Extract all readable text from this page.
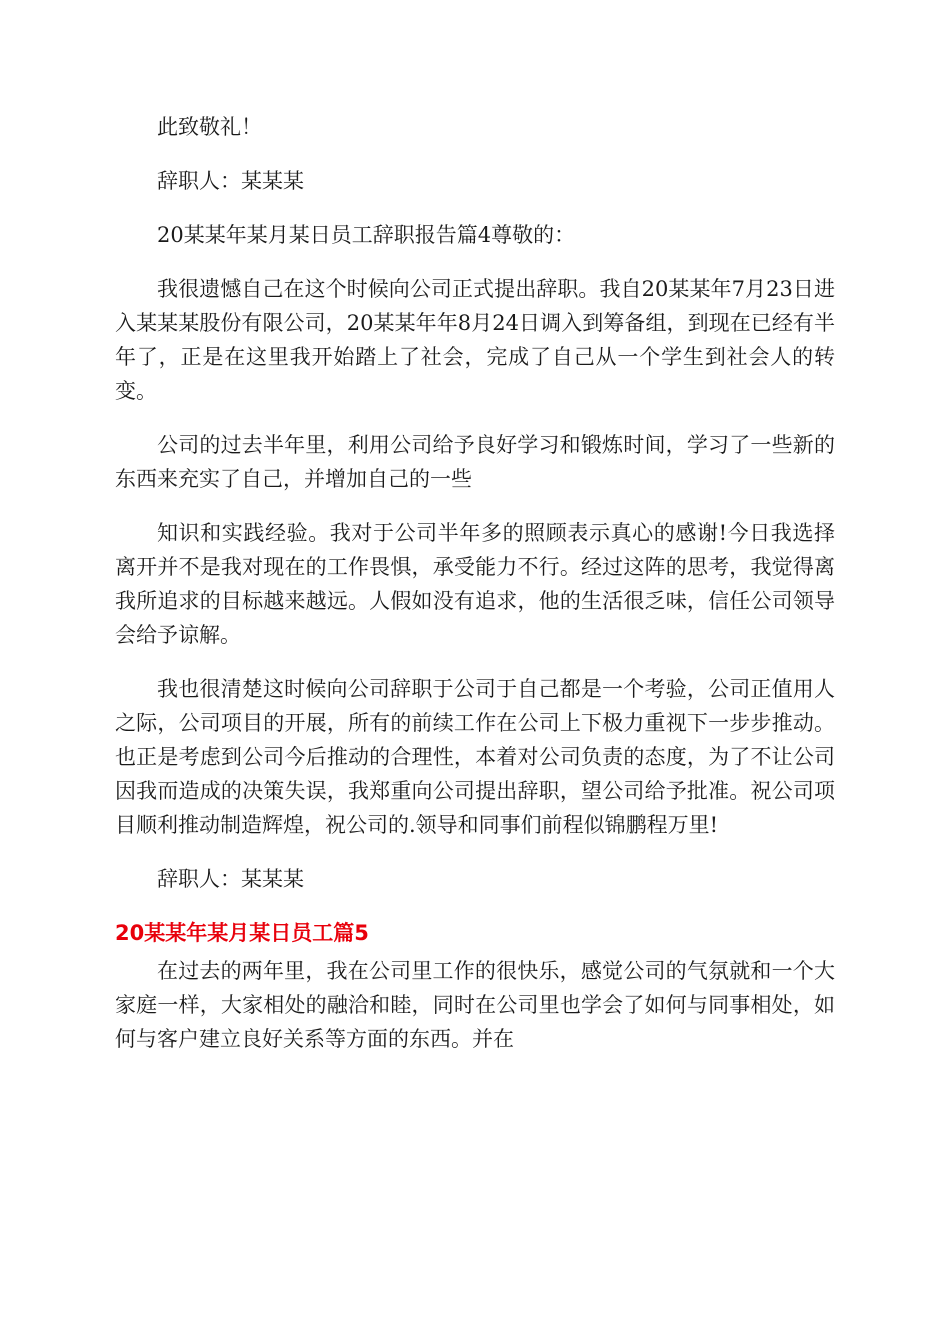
此致敬礼！

辞职人：某某某

20某某年某月某日员工辞职报告篇4尊敬的：

我很遗憾自己在这个时候向公司正式提出辞职。我自20某某年7月23日进入某某某股份有限公司，20某某年年8月24日调入到筹备组，到现在已经有半年了，正是在这里我开始踏上了社会，完成了自己从一个学生到社会人的转变。

公司的过去半年里，利用公司给予良好学习和锻炼时间，学习了一些新的东西来充实了自己，并增加自己的一些

知识和实践经验。我对于公司半年多的照顾表示真心的感谢!今日我选择离开并不是我对现在的工作畏惧，承受能力不行。经过这阵的思考，我觉得离我所追求的目标越来越远。人假如没有追求，他的生活很乏味，信任公司领导会给予谅解。

我也很清楚这时候向公司辞职于公司于自己都是一个考验，公司正值用人之际，公司项目的开展，所有的前续工作在公司上下极力重视下一步步推动。也正是考虑到公司今后推动的合理性，本着对公司负责的态度，为了不让公司因我而造成的决策失误，我郑重向公司提出辞职，望公司给予批准。祝公司项目顺利推动制造辉煌，祝公司的.领导和同事们前程似锦鹏程万里!

辞职人：某某某

20某某年某月某日员工篇5

在过去的两年里，我在公司里工作的很快乐，感觉公司的气氛就和一个大家庭一样，大家相处的融洽和睦，同时在公司里也学会了如何与同事相处，如何与客户建立良好关系等方面的东西。并在
